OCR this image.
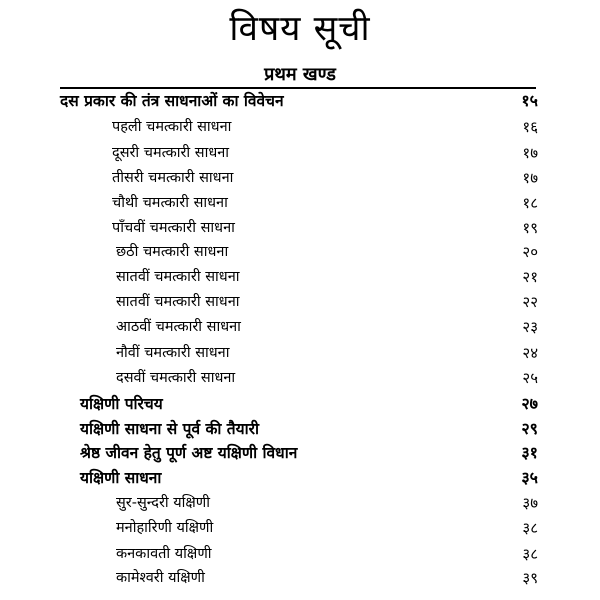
विषय सूची
प्रथम खण्ड
दस प्रकार की तंत्र साधनाओं का विवेचन	१५
पहली चमत्कारी साधना	१६
दूसरी चमत्कारी साधना	१७
तीसरी चमत्कारी साधना	१७
चौथी चमत्कारी साधना	१८
पाँचवीं चमत्कारी साधना	१९
छठी चमत्कारी साधना	२०
सातवीं चमत्कारी साधना	२१
सातवीं चमत्कारी साधना	२२
आठवीं चमत्कारी साधना	२३
नौवीं चमत्कारी साधना	२४
दसवीं चमत्कारी साधना	२५
यक्षिणी परिचय	२७
यक्षिणी साधना से पूर्व की तैयारी	२९
श्रेष्ठ जीवन हेतु पूर्ण अष्ट यक्षिणी विधान	३१
यक्षिणी साधना	३५
सुर-सुन्दरी यक्षिणी	३७
मनोहारिणी यक्षिणी	३८
कनकावती यक्षिणी	३८
कामेश्वरी यक्षिणी	३९
